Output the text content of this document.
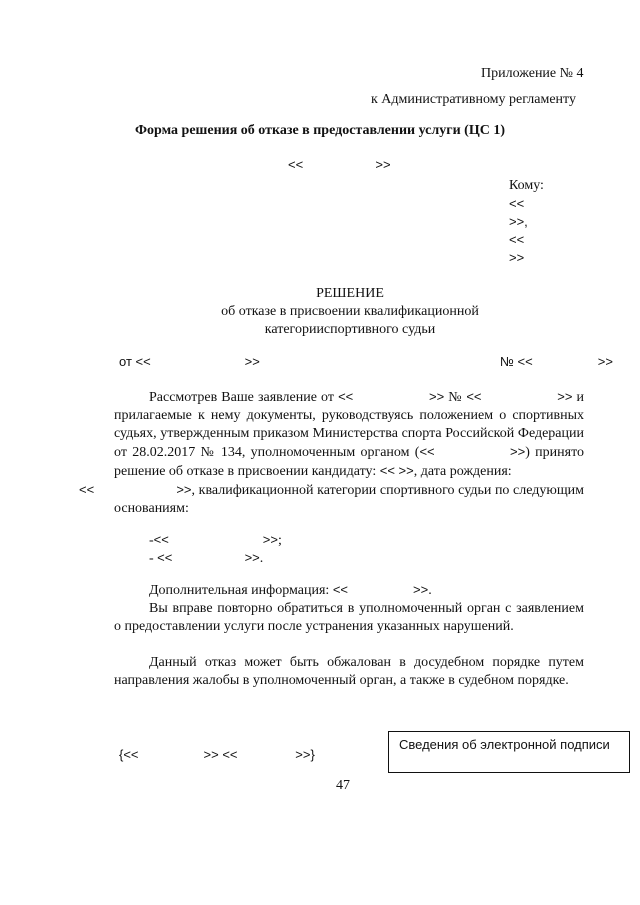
Приложение № 4
к Административному регламенту
Форма решения об отказе в предоставлении услуги (ЦС 1)
<<                    >>
Кому:
<<
>>,
<<
>>
РЕШЕНИЕ
об отказе в присвоении квалификационной
категорииспортивного судьи
от <<                          >>	№ <<                  >>
Рассмотрев Ваше заявление от <<                  >> № <<                  >> и прилагаемые к нему документы, руководствуясь положением о спортивных судьях, утвержденным приказом Министерства спорта Российской Федерации от 28.02.2017 № 134, уполномоченным органом (<<              >>) принято решение об отказе в присвоении кандидату: << >>, дата рождения:
<<                      >>, квалификационной категории спортивного судьи по следующим основаниям:
-<<                          >>;
- <<                    >>.
Дополнительная информация: <<                  >>.
Вы вправе повторно обратиться в уполномоченный орган с заявлением о предоставлении услуги после устранения указанных нарушений.
Данный отказ может быть обжалован в досудебном порядке путем направления жалобы в уполномоченный орган, а также в судебном порядке.
{<<                  >> <<                >>}
Сведения об электронной подписи
47
